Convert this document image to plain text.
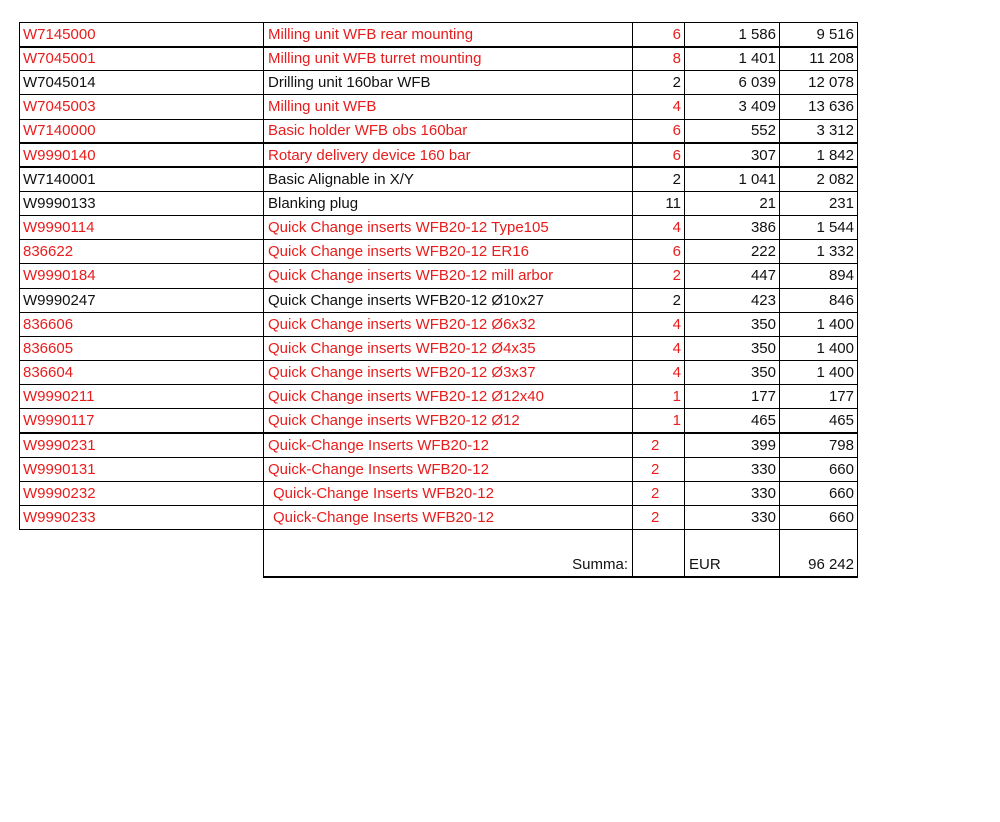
W7145000	Milling unit WFB rear mounting	6	1 586	9 516
W7045001	Milling unit WFB turret mounting	8	1 401	11 208
W7045014	Drilling unit 160bar WFB	2	6 039	12 078
W7045003	Milling unit WFB	4	3 409	13 636
W7140000	Basic holder WFB obs 160bar	6	552	3 312
W9990140	Rotary delivery device 160 bar	6	307	1 842
W7140001	Basic Alignable in X/Y	2	1 041	2 082
W9990133	Blanking plug	11	21	231
W9990114	Quick Change inserts WFB20-12 Type105	4	386	1 544
836622	Quick Change inserts WFB20-12 ER16	6	222	1 332
W9990184	Quick Change inserts WFB20-12 mill arbor	2	447	894
W9990247	Quick Change inserts WFB20-12 Ø10x27	2	423	846
836606	Quick Change inserts WFB20-12 Ø6x32	4	350	1 400
836605	Quick Change inserts WFB20-12 Ø4x35	4	350	1 400
836604	Quick Change inserts WFB20-12 Ø3x37	4	350	1 400
W9990211	Quick Change inserts WFB20-12 Ø12x40	1	177	177
W9990117	Quick Change inserts WFB20-12 Ø12	1	465	465
W9990231	Quick-Change Inserts WFB20-12	2	399	798
W9990131	Quick-Change Inserts WFB20-12	2	330	660
W9990232	Quick-Change Inserts WFB20-12	2	330	660
W9990233	Quick-Change Inserts WFB20-12	2	330	660
	Summa:		EUR	96 242
